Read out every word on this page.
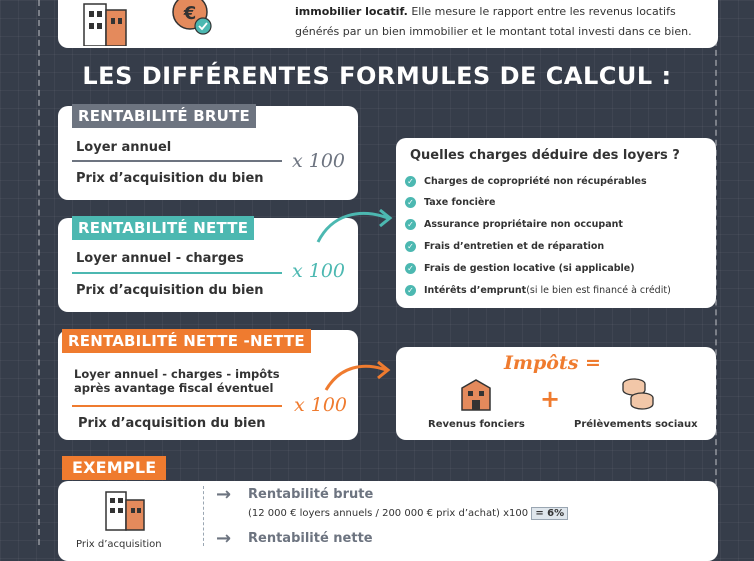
€	immobilier locatif. Elle mesure le rapport entre les revenus locatifs générés par un bien immobilier et le montant total investi dans ce bien.
LES DIFFÉRENTES FORMULES DE CALCUL :
RENTABILITÉ BRUTE
Loyer annuel
Prix d’acquisition du bien
x 100
RENTABILITÉ NETTE
Loyer annuel - charges
Prix d’acquisition du bien
x 100
Quelles charges déduire des loyers ?
✓ Charges de copropriété non récupérables
✓ Taxe foncière
✓ Assurance propriétaire non occupant
✓ Frais d’entretien et de réparation
✓ Frais de gestion locative (si applicable)
✓ Intérêts d’emprunt (si le bien est financé à crédit)
RENTABILITÉ NETTE -NETTE
Loyer annuel - charges - impôts
après avantage fiscal éventuel
Prix d’acquisition du bien
x 100
Impôts =
+
Revenus fonciers	Prélèvements sociaux
EXEMPLE
Prix d’acquisition
→ Rentabilité brute
(12 000 € loyers annuels / 200 000 € prix d’achat) x100 = 6%
→ Rentabilité nette
